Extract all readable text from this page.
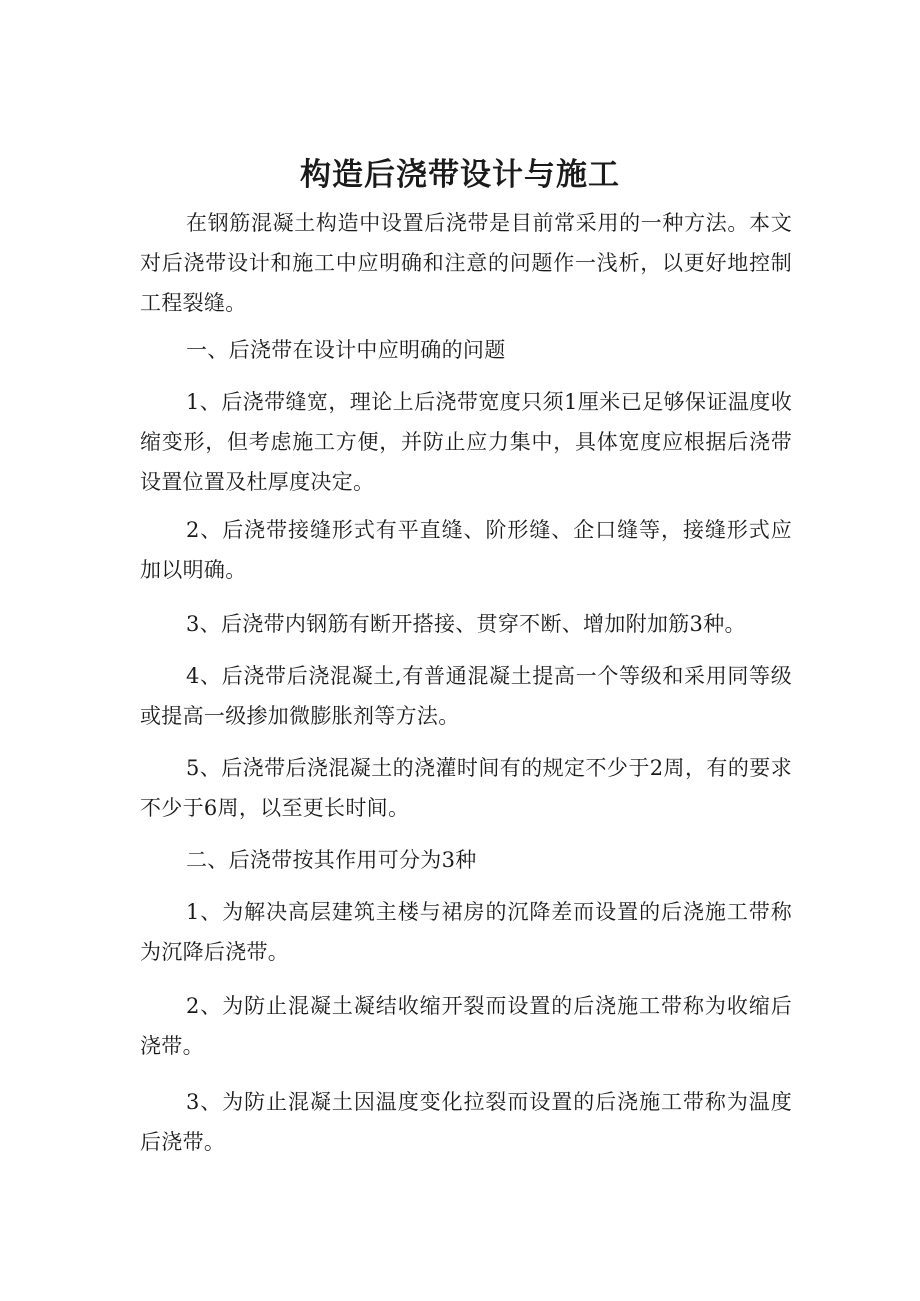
构造后浇带设计与施工

在钢筋混凝土构造中设置后浇带是目前常采用的一种方法。本文对后浇带设计和施工中应明确和注意的问题作一浅析，以更好地控制工程裂缝。

一、后浇带在设计中应明确的问题

1、后浇带缝宽，理论上后浇带宽度只须1厘米已足够保证温度收缩变形，但考虑施工方便，并防止应力集中，具体宽度应根据后浇带设置位置及杜厚度决定。

2、后浇带接缝形式有平直缝、阶形缝、企口缝等，接缝形式应加以明确。

3、后浇带内钢筋有断开搭接、贯穿不断、增加附加筋3种。

4、后浇带后浇混凝土,有普通混凝土提高一个等级和采用同等级或提高一级掺加微膨胀剂等方法。

5、后浇带后浇混凝土的浇灌时间有的规定不少于2周，有的要求不少于6周，以至更长时间。

二、后浇带按其作用可分为3种

1、为解决高层建筑主楼与裙房的沉降差而设置的后浇施工带称为沉降后浇带。

2、为防止混凝土凝结收缩开裂而设置的后浇施工带称为收缩后浇带。

3、为防止混凝土因温度变化拉裂而设置的后浇施工带称为温度后浇带。
